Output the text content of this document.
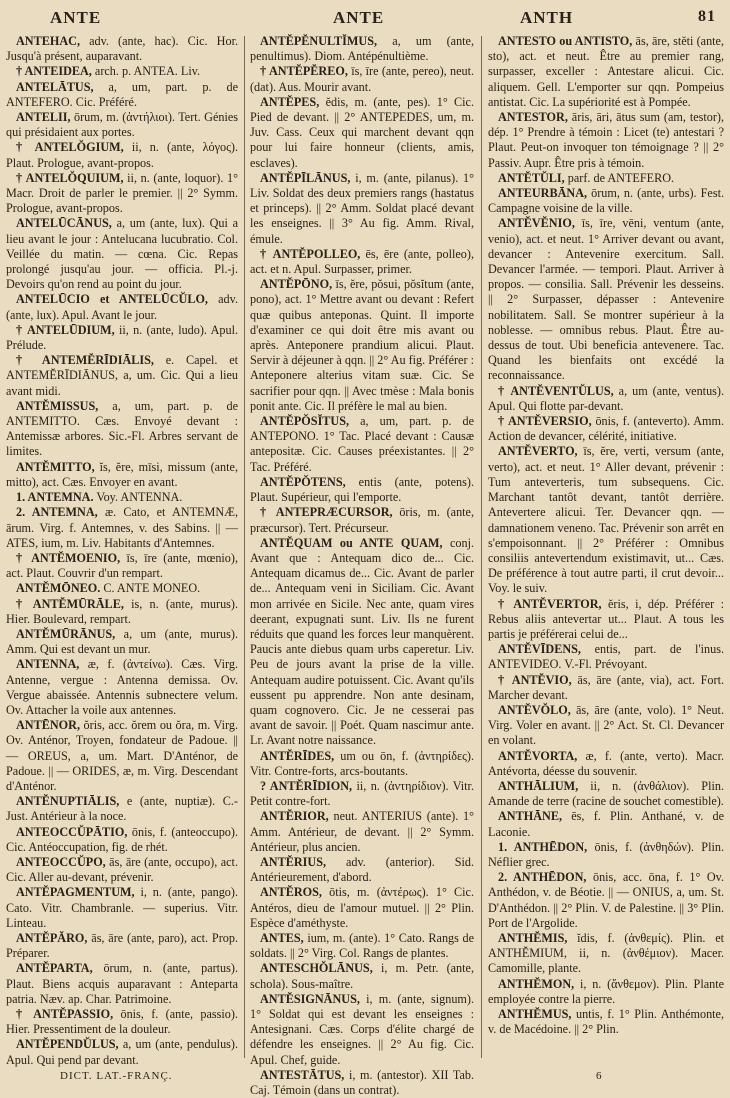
ANTE	ANTE	ANTH	81

ANTEHAC, adv. (ante, hac). Cic. Hor. Jusqu'à présent, auparavant.

† ANTEIDEA, arch. p. ANTEA. Liv.

ANTELĀTUS, a, um, part. p. de ANTEFERO. Cic. Préféré.

ANTELII, ōrum, m. (ἀντήλιοι). Tert. Génies qui présidaient aux portes.

† ANTELŎGIUM, ii, n. (ante, λόγος). Plaut. Prologue, avant-propos.

† ANTELŎQUIUM, ii, n. (ante, loquor). 1° Macr. Droit de parler le premier. || 2° Symm. Prologue, avant-propos.

ANTELŪCĀNUS, a, um (ante, lux). Qui a lieu avant le jour : Antelucana lucubratio. Col. Veillée du matin. — cœna. Cic. Repas prolongé jusqu'au jour. — officia. Pl.-j. Devoirs qu'on rend au point du jour.

ANTELŪCIO et ANTELŪCŬLO, adv. (ante, lux). Apul. Avant le jour.

† ANTELŪDIUM, ii, n. (ante, ludo). Apul. Prélude.

† ANTEMĔRĪDIĀLIS, e. Capel. et ANTEMĔRĪDIĀNUS, a, um. Cic. Qui a lieu avant midi.

ANTĔMISSUS, a, um, part. p. de ANTEMITTO. Cæs. Envoyé devant : Antemissæ arbores. Sic.-Fl. Arbres servant de limites.

ANTĔMITTO, ĭs, ĕre, mīsi, missum (ante, mitto), act. Cæs. Envoyer en avant.

1. ANTEMNA. Voy. ANTENNA.

2. ANTEMNA, æ. Cato, et ANTEMNÆ, ārum. Virg. f. Antemnes, v. des Sabins. || — ATES, ium, m. Liv. Habitants d'Antemnes.

† ANTĔMOENIO, īs, īre (ante, mœnio), act. Plaut. Couvrir d'un rempart.

ANTĔMŌNEO. C. ANTE MONEO.

† ANTĔMŪRĀLE, is, n. (ante, murus). Hier. Boulevard, rempart.

ANTĔMŪRĀNUS, a, um (ante, murus). Amm. Qui est devant un mur.

ANTENNA, æ, f. (ἀντείνω). Cæs. Virg. Antenne, vergue : Antenna demissa. Ov. Vergue abaissée. Antennis subnectere velum. Ov. Attacher la voile aux antennes.

ANTĒNOR, ŏris, acc. ŏrem ou ŏra, m. Virg. Ov. Anténor, Troyen, fondateur de Padoue. || — OREUS, a, um. Mart. D'Anténor, de Padoue. || — ORIDES, æ, m. Virg. Descendant d'Anténor.

ANTĔNUPTIĀLIS, e (ante, nuptiæ). C.-Just. Antérieur à la noce.

ANTEOCCŬPĀTIO, ōnis, f. (anteoccupo). Cic. Antéoccupation, fig. de rhét.

ANTEOCCŬPO, ās, āre (ante, occupo), act. Cic. Aller au-devant, prévenir.

ANTĔPAGMENTUM, i, n. (ante, pango). Cato. Vitr. Chambranle. — superius. Vitr. Linteau.

ANTĔPĂRO, ās, āre (ante, paro), act. Prop. Préparer.

ANTĔPARTA, ōrum, n. (ante, partus). Plaut. Biens acquis auparavant : Anteparta patria. Næv. ap. Char. Patrimoine.

† ANTĔPASSIO, ōnis, f. (ante, passio). Hier. Pressentiment de la douleur.

ANTĔPENDŬLUS, a, um (ante, pendulus). Apul. Qui pend par devant.

ANTĔPĔNULTĬMUS, a, um (ante, penultimus). Diom. Antépénultième.

† ANTĔPĔREO, īs, īre (ante, pereo), neut. (dat). Aus. Mourir avant.

ANTĔPES, ĕdis, m. (ante, pes). 1° Cic. Pied de devant. || 2° ANTEPEDES, um, m. Juv. Cass. Ceux qui marchent devant qqn pour lui faire honneur (clients, amis, esclaves).

ANTĔPĪLĀNUS, i, m. (ante, pilanus). 1° Liv. Soldat des deux premiers rangs (hastatus et princeps). || 2° Amm. Soldat placé devant les enseignes. || 3° Au fig. Amm. Rival, émule.

† ANTĔPOLLEO, ēs, ēre (ante, polleo), act. et n. Apul. Surpasser, primer.

ANTĔPŌNO, īs, ĕre, pŏsui, pŏsĭtum (ante, pono), act. 1° Mettre avant ou devant : Refert quæ quibus anteponas. Quint. Il importe d'examiner ce qui doit être mis avant ou après. Anteponere prandium alicui. Plaut. Servir à déjeuner à qqn. || 2° Au fig. Préférer : Anteponere alterius vitam suæ. Cic. Se sacrifier pour qqn. || Avec tmèse : Mala bonis ponit ante. Cic. Il préfère le mal au bien.

ANTĔPŎSĬTUS, a, um, part. p. de ANTEPONO. 1° Tac. Placé devant : Causæ antepositæ. Cic. Causes préexistantes. || 2° Tac. Préféré.

ANTĔPŎTENS, entis (ante, potens). Plaut. Supérieur, qui l'emporte.

† ANTEPRÆCURSOR, ōris, m. (ante, præcursor). Tert. Précurseur.

ANTĔQUAM ou ANTE QUAM, conj. Avant que : Antequam dico de... Cic. Antequam dicamus de... Cic. Avant de parler de... Antequam veni in Siciliam. Cic. Avant mon arrivée en Sicile. Nec ante, quam vires deerant, expugnati sunt. Liv. Ils ne furent réduits que quand les forces leur manquèrent. Paucis ante diebus quam urbs caperetur. Liv. Peu de jours avant la prise de la ville. Antequam audire potuissent. Cic. Avant qu'ils eussent pu apprendre. Non ante desinam, quam cognovero. Cic. Je ne cesserai pas avant de savoir. || Poét. Quam nascimur ante. Lr. Avant notre naissance.

ANTĔRĪDES, um ou ōn, f. (ἀντηρίδες). Vitr. Contre-forts, arcs-boutants.

? ANTĔRĪDION, ii, n. (ἀντηρίδιον). Vitr. Petit contre-fort.

ANTĔRIOR, neut. ANTERIUS (ante). 1° Amm. Antérieur, de devant. || 2° Symm. Antérieur, plus ancien.

ANTĔRIUS, adv. (anterior). Sid. Antérieurement, d'abord.

ANTĔROS, ōtis, m. (ἀντέρως). 1° Cic. Antéros, dieu de l'amour mutuel. || 2° Plin. Espèce d'améthyste.

ANTES, ium, m. (ante). 1° Cato. Rangs de soldats. || 2° Virg. Col. Rangs de plantes.

ANTESCHŎLĀNUS, i, m. Petr. (ante, schola). Sous-maître.

ANTĔSIGNĀNUS, i, m. (ante, signum). 1° Soldat qui est devant les enseignes : Antesignani. Cæs. Corps d'élite chargé de défendre les enseignes. || 2° Au fig. Cic. Apul. Chef, guide.

ANTESTĀTUS, i, m. (antestor). XII Tab. Caj. Témoin (dans un contrat).

ANTESTO ou ANTISTO, ās, āre, stĕti (ante, sto), act. et neut. Être au premier rang, surpasser, exceller : Antestare alicui. Cic. aliquem. Gell. L'emporter sur qqn. Pompeius antistat. Cic. La supériorité est à Pompée.

ANTESTOR, āris, āri, ātus sum (am, testor), dép. 1° Prendre à témoin : Licet (te) antestari ? Plaut. Peut-on invoquer ton témoignage ? || 2° Passiv. Aupr. Être pris à témoin.

ANTĔTŬLI, parf. de ANTEFERO.

ANTEURBĀNA, ōrum, n. (ante, urbs). Fest. Campagne voisine de la ville.

ANTĔVĔNIO, īs, īre, vēni, ventum (ante, venio), act. et neut. 1° Arriver devant ou avant, devancer : Antevenire exercitum. Sall. Devancer l'armée. — tempori. Plaut. Arriver à propos. — consilia. Sall. Prévenir les desseins. || 2° Surpasser, dépasser : Antevenire nobilitatem. Sall. Se montrer supérieur à la noblesse. — omnibus rebus. Plaut. Être au-dessus de tout. Ubi beneficia antevenere. Tac. Quand les bienfaits ont excédé la reconnaissance.

† ANTĔVENTŬLUS, a, um (ante, ventus). Apul. Qui flotte par-devant.

† ANTĔVERSIO, ōnis, f. (anteverto). Amm. Action de devancer, célérité, initiative.

ANTĔVERTO, īs, ĕre, verti, versum (ante, verto), act. et neut. 1° Aller devant, prévenir : Tum anteverteris, tum subsequens. Cic. Marchant tantôt devant, tantôt derrière. Antevertere alicui. Ter. Devancer qqn. — damnationem veneno. Tac. Prévenir son arrêt en s'empoisonnant. || 2° Préférer : Omnibus consiliis antevertendum existimavit, ut... Cæs. De préférence à tout autre parti, il crut devoir... Voy. le suiv.

† ANTĔVERTOR, ĕris, i, dép. Préférer : Rebus aliis antevertar ut... Plaut. A tous les partis je préférerai celui de...

ANTĔVĪDENS, entis, part. de l'inus. ANTEVIDEO. V.-Fl. Prévoyant.

† ANTĔVIO, ās, āre (ante, via), act. Fort. Marcher devant.

ANTĔVŎLO, ās, āre (ante, volo). 1° Neut. Virg. Voler en avant. || 2° Act. St. Cl. Devancer en volant.

ANTĔVORTA, æ, f. (ante, verto). Macr. Antévorta, déesse du souvenir.

ANTHĀLIUM, ii, n. (ἀνθάλιον). Plin. Amande de terre (racine de souchet comestible).

ANTHĀNE, ēs, f. Plin. Anthané, v. de Laconie.

1. ANTHĒDON, ōnis, f. (ἀνθηδών). Plin. Néflier grec.

2. ANTHĒDON, ōnis, acc. ōna, f. 1° Ov. Anthédon, v. de Béotie. || — ONIUS, a, um. St. D'Anthédon. || 2° Plin. V. de Palestine. || 3° Plin. Port de l'Argolide.

ANTHĔMIS, ĭdis, f. (ἀνθεμίς). Plin. et ANTHĔMIUM, ii, n. (ἀνθέμιον). Macer. Camomille, plante.

ANTHĔMON, i, n. (ἄνθεμον). Plin. Plante employée contre la pierre.

ANTHĔMUS, untis, f. 1° Plin. Anthémonte, v. de Macédoine. || 2° Plin.

DICT. LAT.-FRANÇ.	6
